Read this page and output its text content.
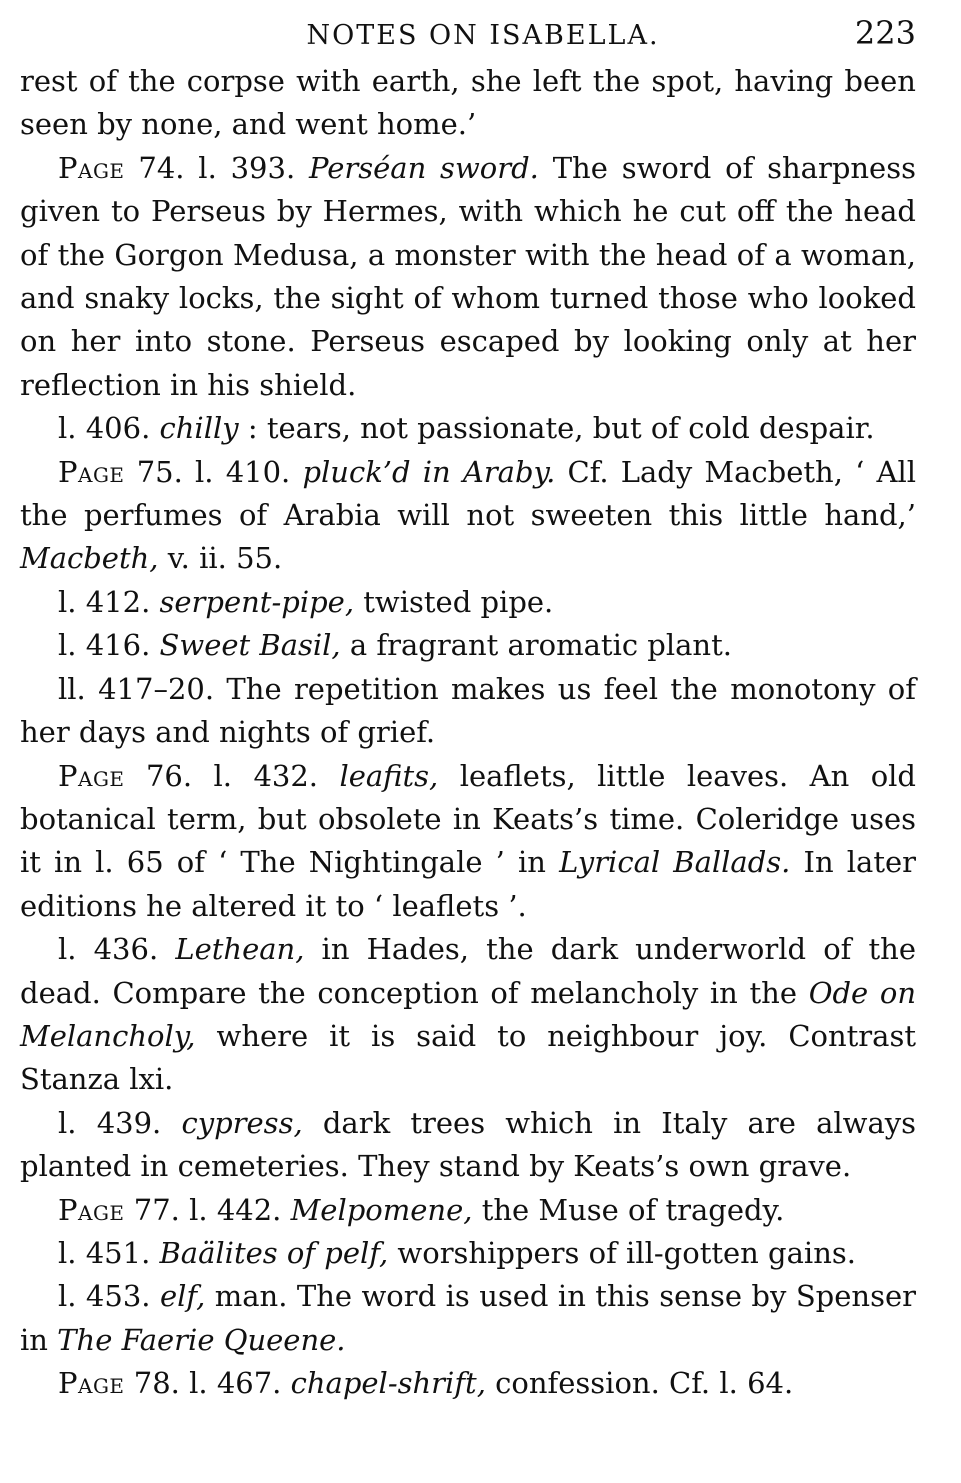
NOTES ON ISABELLA.	223

rest of the corpse with earth, she left the spot, having been seen by none, and went home.’

Page 74. l. 393. Perséan sword. The sword of sharpness given to Perseus by Hermes, with which he cut off the head of the Gorgon Medusa, a monster with the head of a woman, and snaky locks, the sight of whom turned those who looked on her into stone. Perseus escaped by looking only at her reflection in his shield.

l. 406. chilly : tears, not passionate, but of cold despair.

Page 75. l. 410. pluck’d in Araby. Cf. Lady Macbeth, ‘ All the perfumes of Arabia will not sweeten this little hand,’ Macbeth, v. ii. 55.

l. 412. serpent-pipe, twisted pipe.

l. 416. Sweet Basil, a fragrant aromatic plant.

ll. 417–20. The repetition makes us feel the monotony of her days and nights of grief.

Page 76. l. 432. leafits, leaflets, little leaves. An old botanical term, but obsolete in Keats’s time. Coleridge uses it in l. 65 of ‘ The Nightingale ’ in Lyrical Ballads. In later editions he altered it to ‘ leaflets ’.

l. 436. Lethean, in Hades, the dark underworld of the dead. Compare the conception of melancholy in the Ode on Melancholy, where it is said to neighbour joy. Contrast Stanza lxi.

l. 439. cypress, dark trees which in Italy are always planted in cemeteries. They stand by Keats’s own grave.

Page 77. l. 442. Melpomene, the Muse of tragedy.

l. 451. Baälites of pelf, worshippers of ill-gotten gains.

l. 453. elf, man. The word is used in this sense by Spenser in The Faerie Queene.

Page 78. l. 467. chapel-shrift, confession. Cf. l. 64.
